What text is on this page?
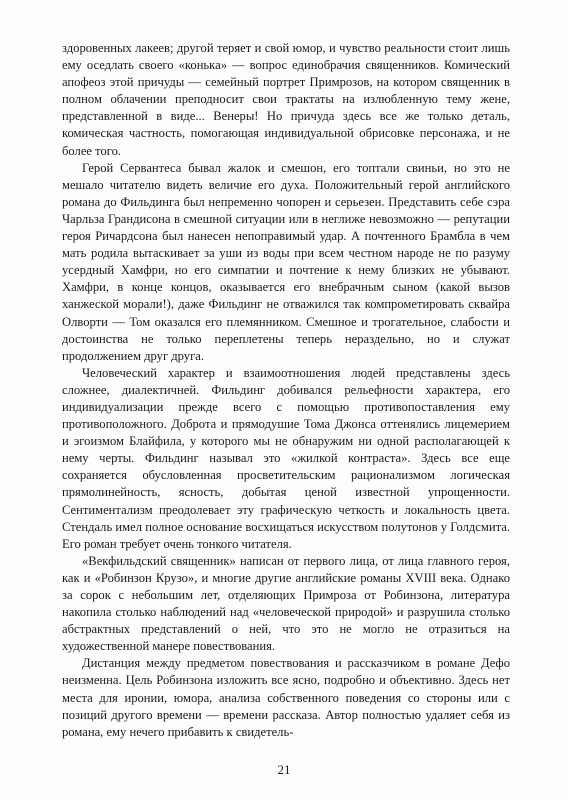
здоровенных лакеев; другой теряет и свой юмор, и чувство реальности стоит лишь ему оседлать своего «конька» — вопрос единобрачия священников. Комический апофеоз этой причуды — семейный портрет Примрозов, на котором священник в полном облачении преподносит свои трактаты на излюбленную тему жене, представленной в виде... Венеры! Но причуда здесь все же только деталь, комическая частность, помогающая индивидуальной обрисовке персонажа, и не более того.

Герой Сервантеса бывал жалок и смешон, его топтали свиньи, но это не мешало читателю видеть величие его духа. Положительный герой английского романа до Фильдинга был непременно чопорен и серьезен. Представить себе сэра Чарльза Грандисона в смешной ситуации или в неглиже невозможно — репутации героя Ричардсона был нанесен непоправимый удар. А почтенного Брамбла в чем мать родила вытаскивает за уши из воды при всем честном народе не по разуму усердный Хамфри, но его симпатии и почтение к нему близких не убывают. Хамфри, в конце концов, оказывается его внебрачным сыном (какой вызов ханжеской морали!), даже Фильдинг не отважился так компрометировать сквайра Олворти — Том оказался его племянником. Смешное и трогательное, слабости и достоинства не только переплетены теперь нераздельно, но и служат продолжением друг друга.

Человеческий характер и взаимоотношения людей представлены здесь сложнее, диалектичней. Фильдинг добивался рельефности характера, его индивидуализации прежде всего с помощью противопоставления ему противоположного. Доброта и прямодушие Тома Джонса оттенялись лицемерием и эгоизмом Блайфила, у которого мы не обнаружим ни одной располагающей к нему черты. Фильдинг называл это «жилкой контраста». Здесь все еще сохраняется обусловленная просветительским рационализмом логическая прямолинейность, ясность, добытая ценой известной упрощенности. Сентиментализм преодолевает эту графическую четкость и локальность цвета. Стендаль имел полное основание восхищаться искусством полутонов у Голдсмита. Его роман требует очень тонкого читателя.

«Векфильдский священник» написан от первого лица, от лица главного героя, как и «Робинзон Крузо», и многие другие английские романы XVIII века. Однако за сорок с небольшим лет, отделяющих Примроза от Робинзона, литература накопила столько наблюдений над «человеческой природой» и разрушила столько абстрактных представлений о ней, что это не могло не отразиться на художественной манере повествования.

Дистанция между предметом повествования и рассказчиком в романе Дефо неизменна. Цель Робинзона изложить все ясно, подробно и объективно. Здесь нет места для иронии, юмора, анализа собственного поведения со стороны или с позиций другого времени — времени рассказа. Автор полностью удаляет себя из романа, ему нечего прибавить к свидетель-

21
